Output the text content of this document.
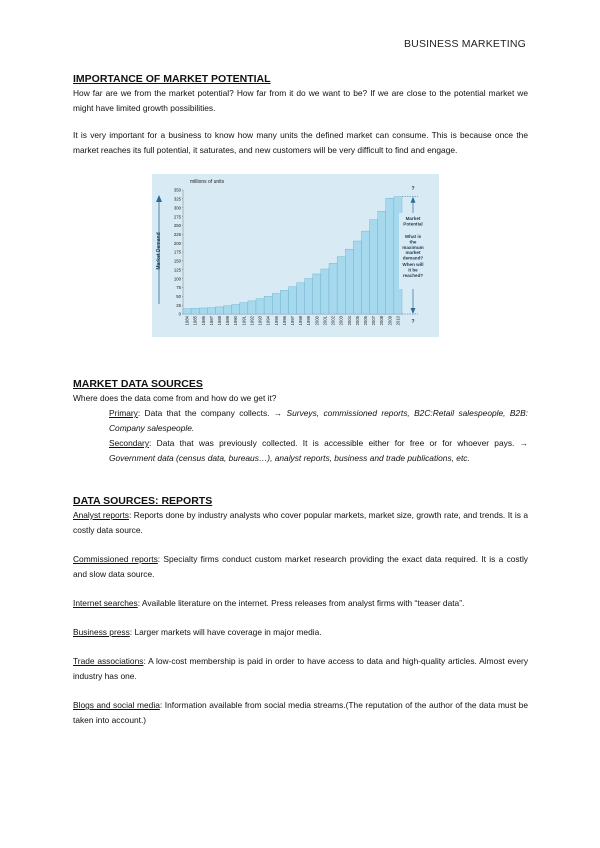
BUSINESS MARKETING
IMPORTANCE OF MARKET POTENTIAL

How far are we from the market potential? How far from it do we want to be? If we are close to the potential market we might have limited growth possibilities.

It is very important for a business to know how many units the defined market can consume. This is because once the market reaches its full potential, it saturates, and new customers will be very difficult to find and engage.

Market Demand
millions of units
0
25
50
75
100
125
150
175
200
225
250
275
300
325
350
1984 1985 1986 1987 1988 1989 1990 1991 1992 1993 1994 1995 1996 1997 1998 1999 2000 2001 2002 2003 2004 2005 2006 2007 2008 2009 2010
?
?
Market Potential
What is the maximum market demand?
When will it be reached?
MARKET DATA SOURCES

Where does the data come from and how do we get it?

Primary: Data that the company collects. → Surveys, commissioned reports, B2C:Retail salespeople, B2B: Company salespeople.

Secondary: Data that was previously collected. It is accessible either for free or for whoever pays. → Government data (census data, bureaus…), analyst reports, business and trade publications, etc.

DATA SOURCES: REPORTS

Analyst reports: Reports done by industry analysts who cover popular markets, market size, growth rate, and trends. It is a costly data source.

Commissioned reports: Specialty firms conduct custom market research providing the exact data required. It is a costly and slow data source.

Internet searches: Available literature on the internet. Press releases from analyst firms with “teaser data”.

Business press: Larger markets will have coverage in major media.

Trade associations: A low-cost membership is paid in order to have access to data and high-quality articles. Almost every industry has one.

Blogs and social media: Information available from social media streams.(The reputation of the author of the data must be taken into account.)
